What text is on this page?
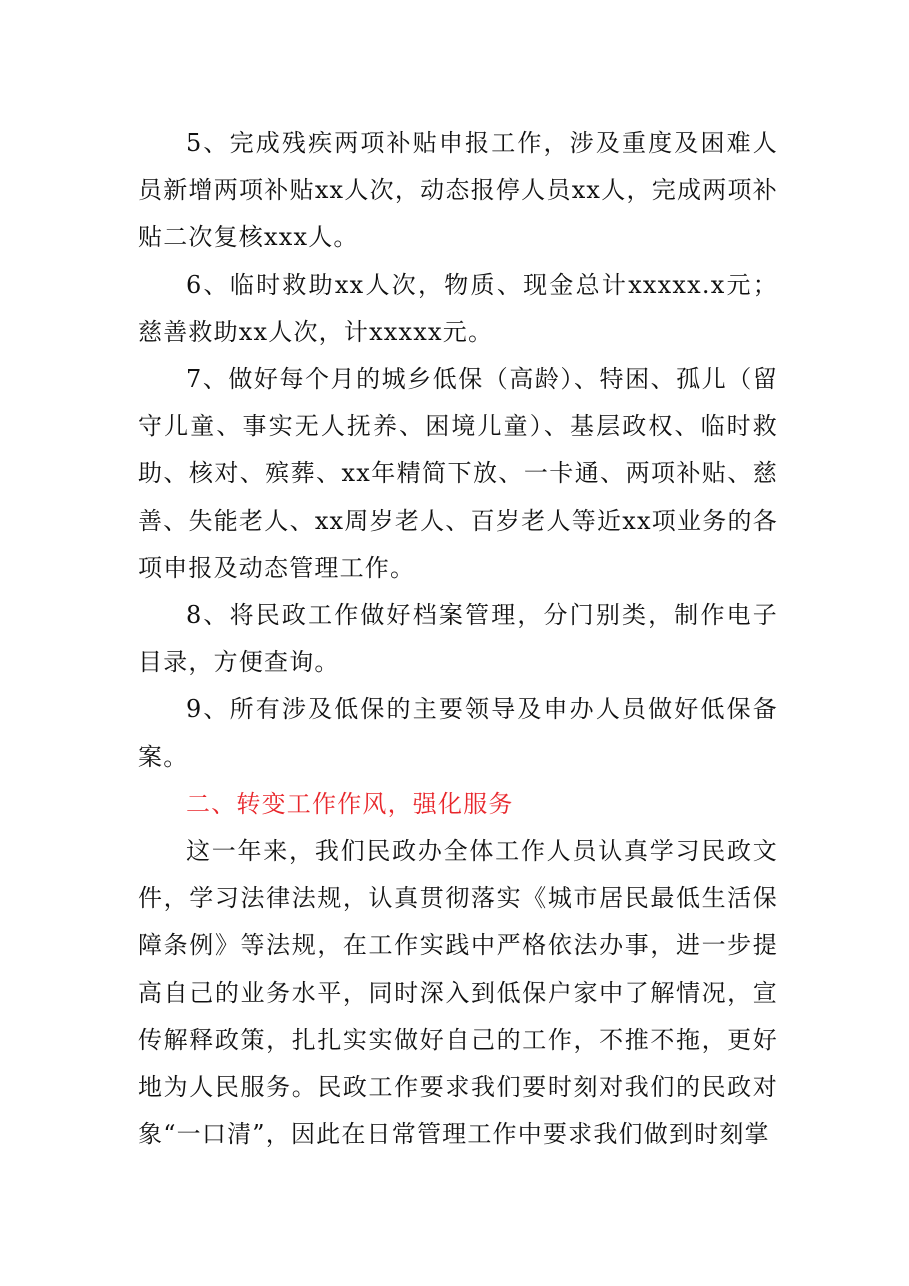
5、完成残疾两项补贴申报工作，涉及重度及困难人员新增两项补贴xx人次，动态报停人员xx人，完成两项补贴二次复核xxx人。

6、临时救助xx人次，物质、现金总计xxxxx.x元；慈善救助xx人次，计xxxxx元。

7、做好每个月的城乡低保（高龄）、特困、孤儿（留守儿童、事实无人抚养、困境儿童）、基层政权、临时救助、核对、殡葬、xx年精简下放、一卡通、两项补贴、慈善、失能老人、xx周岁老人、百岁老人等近xx项业务的各项申报及动态管理工作。

8、将民政工作做好档案管理，分门别类，制作电子目录，方便查询。

9、所有涉及低保的主要领导及申办人员做好低保备案。

二、转变工作作风，强化服务

这一年来，我们民政办全体工作人员认真学习民政文件，学习法律法规，认真贯彻落实《城市居民最低生活保障条例》等法规，在工作实践中严格依法办事，进一步提高自己的业务水平，同时深入到低保户家中了解情况，宣传解释政策，扎扎实实做好自己的工作，不推不拖，更好地为人民服务。民政工作要求我们要时刻对我们的民政对象“一口清”，因此在日常管理工作中要求我们做到时刻掌
